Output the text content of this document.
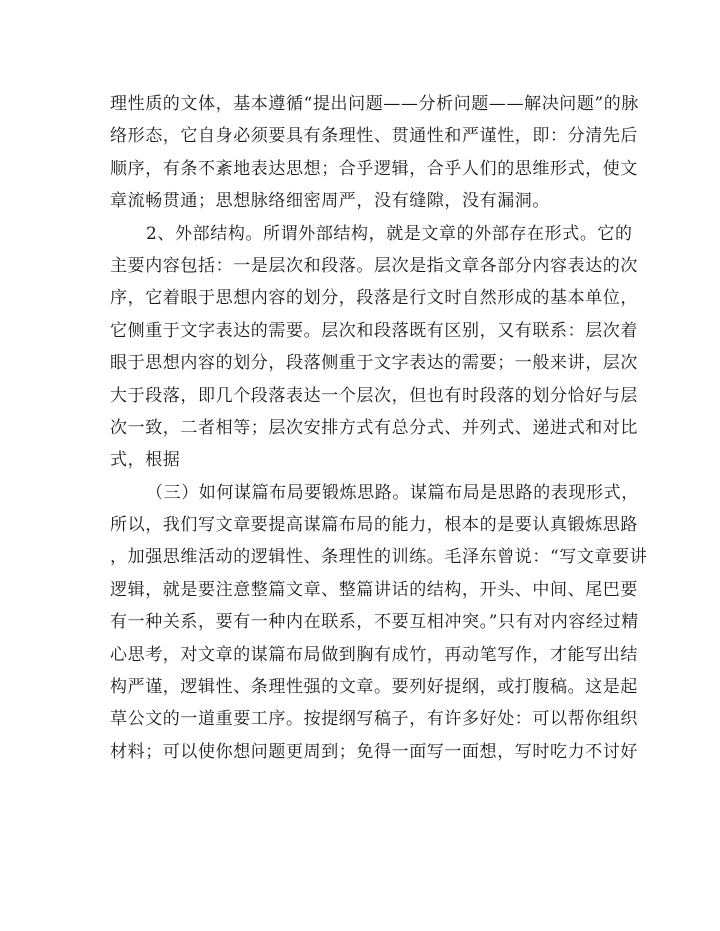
理性质的文体，基本遵循“提出问题——分析问题——解决问题”的脉
络形态，它自身必须要具有条理性、贯通性和严谨性，即：分清先后
顺序，有条不紊地表达思想；合乎逻辑，合乎人们的思维形式，使文
章流畅贯通；思想脉络细密周严，没有缝隙，没有漏洞。
2、外部结构。所谓外部结构，就是文章的外部存在形式。它的
主要内容包括：一是层次和段落。层次是指文章各部分内容表达的次
序，它着眼于思想内容的划分，段落是行文时自然形成的基本单位，
它侧重于文字表达的需要。层次和段落既有区别，又有联系：层次着
眼于思想内容的划分，段落侧重于文字表达的需要；一般来讲，层次
大于段落，即几个段落表达一个层次，但也有时段落的划分恰好与层
次一致，二者相等；层次安排方式有总分式、并列式、递进式和对比
式，根据
（三）如何谋篇布局要锻炼思路。谋篇布局是思路的表现形式，
所以，我们写文章要提高谋篇布局的能力，根本的是要认真锻炼思路
，加强思维活动的逻辑性、条理性的训练。毛泽东曾说：“写文章要讲
逻辑，就是要注意整篇文章、整篇讲话的结构，开头、中间、尾巴要
有一种关系，要有一种内在联系，不要互相冲突。”只有对内容经过精
心思考，对文章的谋篇布局做到胸有成竹，再动笔写作，才能写出结
构严谨，逻辑性、条理性强的文章。要列好提纲，或打腹稿。这是起
草公文的一道重要工序。按提纲写稿子，有许多好处：可以帮你组织
材料；可以使你想问题更周到；免得一面写一面想，写时吃力不讨好
